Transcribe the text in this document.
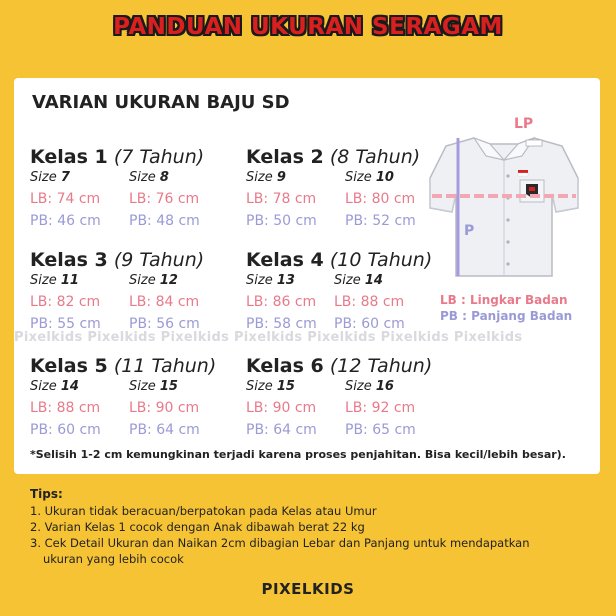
PANDUAN UKURAN SERAGAM
Pixelkids Pixelkids Pixelkids Pixelkids Pixelkids Pixelkids Pixelkids
VARIAN UKURAN BAJU SD
Kelas 1 (7 Tahun)
Size 7
LB: 74 cm
PB: 46 cm
Size 8
LB: 76 cm
PB: 48 cm
Kelas 2 (8 Tahun)
Size 9
LB: 78 cm
PB: 50 cm
Size 10
LB: 80 cm
PB: 52 cm
Kelas 3 (9 Tahun)
Size 11
LB: 82 cm
PB: 55 cm
Size 12
LB: 84 cm
PB: 56 cm
Kelas 4 (10 Tahun)
Size 13
LB: 86 cm
PB: 58 cm
Size 14
LB: 88 cm
PB: 60 cm
Kelas 5 (11 Tahun)
Size 14
LB: 88 cm
PB: 60 cm
Size 15
LB: 90 cm
PB: 64 cm
Kelas 6 (12 Tahun)
Size 15
LB: 90 cm
PB: 64 cm
Size 16
LB: 92 cm
PB: 65 cm
LP
P
LB : Lingkar Badan
PB : Panjang Badan
*Selisih 1-2 cm kemungkinan terjadi karena proses penjahitan. Bisa kecil/lebih besar).
Tips:
1. Ukuran tidak beracuan/berpatokan pada Kelas atau Umur
2. Varian Kelas 1 cocok dengan Anak dibawah berat 22 kg
3. Cek Detail Ukuran dan Naikan 2cm dibagian Lebar dan Panjang untuk mendapatkan
ukuran yang lebih cocok
PIXELKIDS
